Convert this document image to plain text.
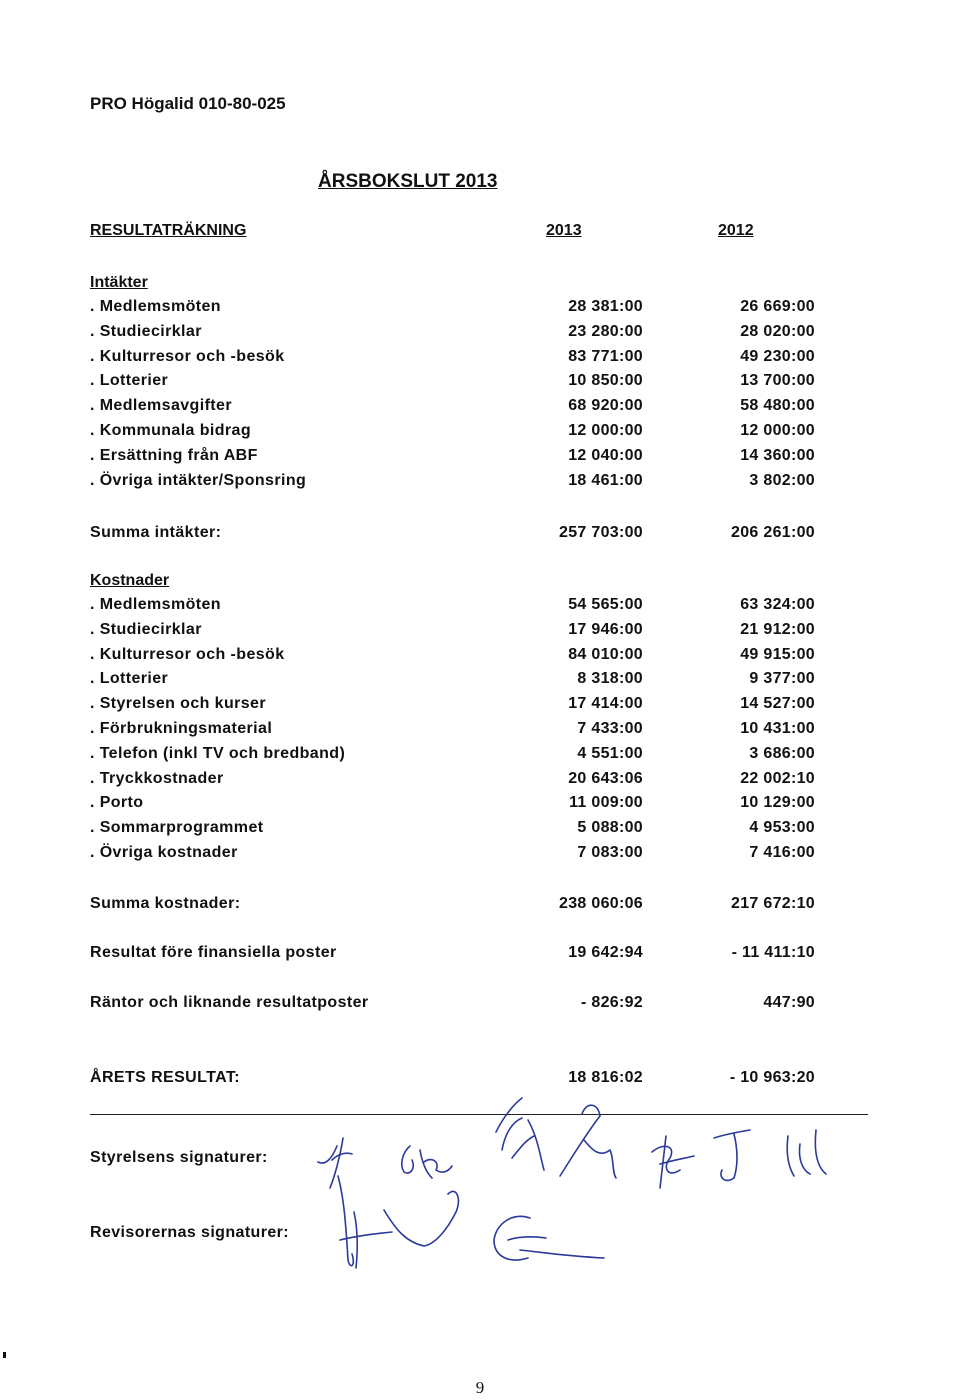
PRO Högalid 010-80-025
ÅRSBOKSLUT 2013
RESULTATRÄKNING	2013	2012
Intäkter
. Medlemsmöten	28 381:00	26 669:00
. Studiecirklar	23 280:00	28 020:00
. Kulturresor och -besök	83 771:00	49 230:00
. Lotterier	10 850:00	13 700:00
. Medlemsavgifter	68 920:00	58 480:00
. Kommunala bidrag	12 000:00	12 000:00
. Ersättning från ABF	12 040:00	14 360:00
. Övriga intäkter/Sponsring	18 461:00	3 802:00
Summa intäkter:	257 703:00	206 261:00
Kostnader
. Medlemsmöten	54 565:00	63 324:00
. Studiecirklar	17 946:00	21 912:00
. Kulturresor och -besök	84 010:00	49 915:00
. Lotterier	8 318:00	9 377:00
. Styrelsen och kurser	17 414:00	14 527:00
. Förbrukningsmaterial	7 433:00	10 431:00
. Telefon (inkl TV och bredband)	4 551:00	3 686:00
. Tryckkostnader	20 643:06	22 002:10
. Porto	11 009:00	10 129:00
. Sommarprogrammet	5 088:00	4 953:00
. Övriga kostnader	7 083:00	7 416:00
Summa kostnader:	238 060:06	217 672:10
Resultat före finansiella poster	19 642:94	- 11 411:10
Räntor och liknande resultatposter	- 826:92	447:90
ÅRETS RESULTAT:	18 816:02	- 10 963:20
Styrelsens signaturer:
Revisorernas signaturer:
9
